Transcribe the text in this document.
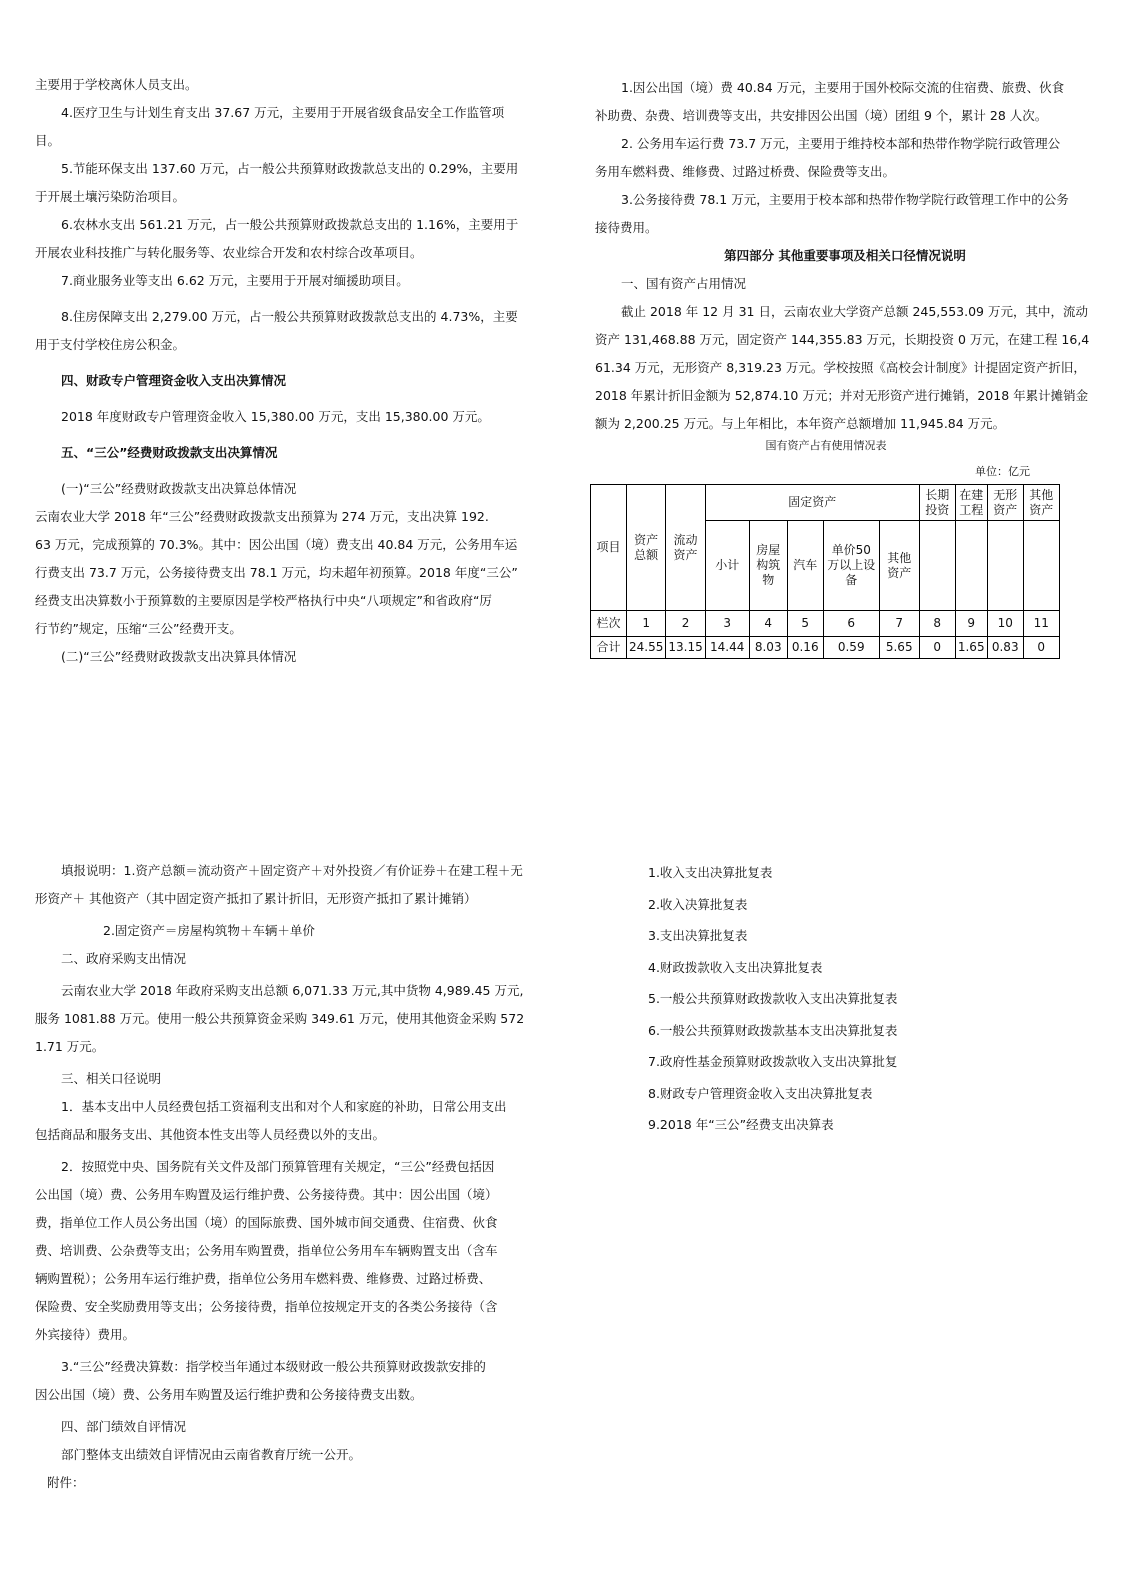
主要用于学校离休人员支出。

4.医疗卫生与计划生育支出 37.67 万元，主要用于开展省级食品安全工作监管项

目。

5.节能环保支出 137.60 万元，占一般公共预算财政拨款总支出的 0.29%，主要用

于开展土壤污染防治项目。

6.农林水支出 561.21 万元，占一般公共预算财政拨款总支出的 1.16%，主要用于

开展农业科技推广与转化服务等、农业综合开发和农村综合改革项目。

7.商业服务业等支出 6.62 万元，主要用于开展对缅援助项目。

8.住房保障支出 2,279.00 万元，占一般公共预算财政拨款总支出的 4.73%，主要

用于支付学校住房公积金。

四、财政专户管理资金收入支出决算情况

2018 年度财政专户管理资金收入 15,380.00 万元，支出 15,380.00 万元。

五、“三公”经费财政拨款支出决算情况

(一)“三公”经费财政拨款支出决算总体情况

云南农业大学 2018 年“三公”经费财政拨款支出预算为 274 万元，支出决算 192.

63 万元，完成预算的 70.3%。其中：因公出国（境）费支出 40.84 万元，公务用车运

行费支出 73.7 万元，公务接待费支出 78.1 万元，均未超年初预算。2018 年度“三公”

经费支出决算数小于预算数的主要原因是学校严格执行中央“八项规定”和省政府“厉

行节约”规定，压缩“三公”经费开支。

(二)“三公”经费财政拨款支出决算具体情况

1.因公出国（境）费 40.84 万元，主要用于国外校际交流的住宿费、旅费、伙食

补助费、杂费、培训费等支出，共安排因公出国（境）团组 9 个，累计 28 人次。

2. 公务用车运行费 73.7 万元，主要用于维持校本部和热带作物学院行政管理公

务用车燃料费、维修费、过路过桥费、保险费等支出。

3.公务接待费 78.1 万元，主要用于校本部和热带作物学院行政管理工作中的公务

接待费用。

第四部分 其他重要事项及相关口径情况说明

一、国有资产占用情况

截止 2018 年 12 月 31 日，云南农业大学资产总额 245,553.09 万元，其中，流动

资产 131,468.88 万元，固定资产 144,355.83 万元，长期投资 0 万元，在建工程 16,4

61.34 万元，无形资产 8,319.23 万元。学校按照《高校会计制度》计提固定资产折旧，

2018 年累计折旧金额为 52,874.10 万元；并对无形资产进行摊销，2018 年累计摊销金

额为 2,200.25 万元。与上年相比，本年资产总额增加 11,945.84 万元。

国有资产占有使用情况表

单位：亿元

项目	资产总额	流动资产	固定资产					长期投资	在建工程	无形资产	其他资产
			小计	房屋构筑物	汽车	单价50万以上设备	其他资产				
栏次	1	2	3	4	5	6	7	8	9	10	11
合计	24.55	13.15	14.44	8.03	0.16	0.59	5.65	0	1.65	0.83	0

填报说明：1.资产总额＝流动资产＋固定资产＋对外投资／有价证券＋在建工程＋无

形资产＋ 其他资产（其中固定资产抵扣了累计折旧，无形资产抵扣了累计摊销）

2.固定资产＝房屋构筑物＋车辆＋单价

二、政府采购支出情况

云南农业大学 2018 年政府采购支出总额 6,071.33 万元,其中货物 4,989.45 万元,

服务 1081.88 万元。使用一般公共预算资金采购 349.61 万元，使用其他资金采购 572

1.71 万元。

三、相关口径说明

1．基本支出中人员经费包括工资福利支出和对个人和家庭的补助，日常公用支出

包括商品和服务支出、其他资本性支出等人员经费以外的支出。

2．按照党中央、国务院有关文件及部门预算管理有关规定，“三公”经费包括因

公出国（境）费、公务用车购置及运行维护费、公务接待费。其中：因公出国（境）

费，指单位工作人员公务出国（境）的国际旅费、国外城市间交通费、住宿费、伙食

费、培训费、公杂费等支出；公务用车购置费，指单位公务用车车辆购置支出（含车

辆购置税）；公务用车运行维护费，指单位公务用车燃料费、维修费、过路过桥费、

保险费、安全奖励费用等支出；公务接待费，指单位按规定开支的各类公务接待（含

外宾接待）费用。

3.“三公”经费决算数：指学校当年通过本级财政一般公共预算财政拨款安排的

因公出国（境）费、公务用车购置及运行维护费和公务接待费支出数。

四、部门绩效自评情况

部门整体支出绩效自评情况由云南省教育厅统一公开。

附件：

1.收入支出决算批复表

2.收入决算批复表

3.支出决算批复表

4.财政拨款收入支出决算批复表

5.一般公共预算财政拨款收入支出决算批复表

6.一般公共预算财政拨款基本支出决算批复表

7.政府性基金预算财政拨款收入支出决算批复

8.财政专户管理资金收入支出决算批复表

9.2018 年“三公”经费支出决算表
